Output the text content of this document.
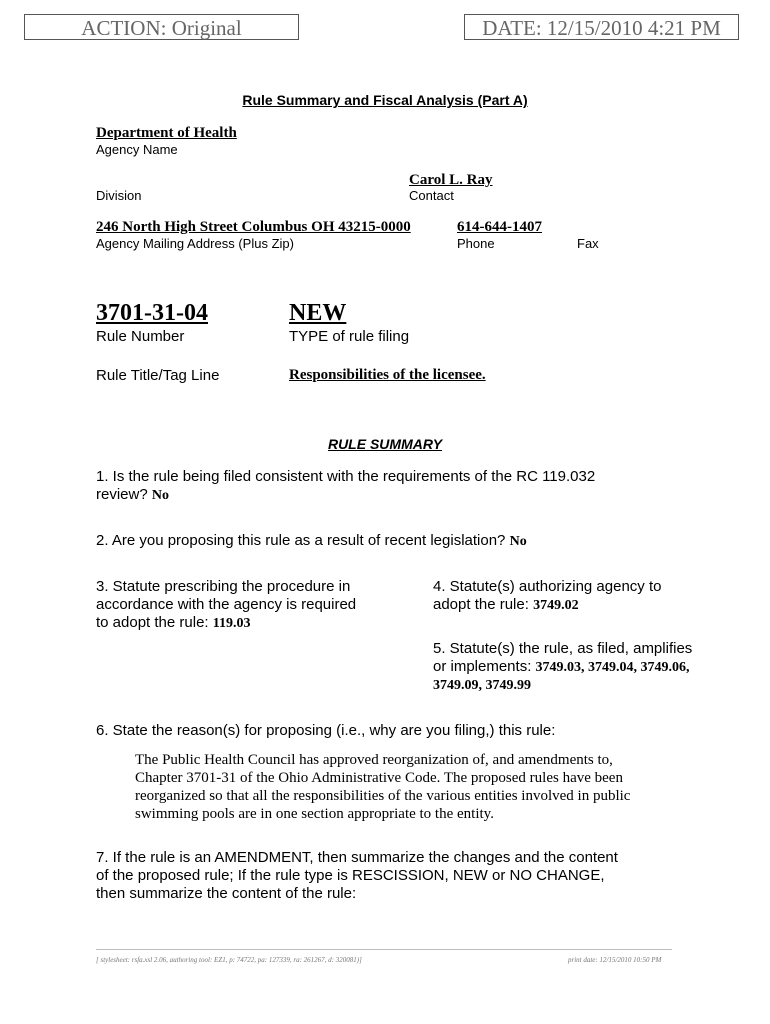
ACTION: Original	DATE: 12/15/2010 4:21 PM
Rule Summary and Fiscal Analysis (Part A)
Department of Health
Agency Name
Carol L. Ray
Division	Contact
246 North High Street Columbus OH 43215-0000	614-644-1407
Agency Mailing Address (Plus Zip)	Phone	Fax
3701-31-04	NEW
Rule Number	TYPE of rule filing
Rule Title/Tag Line	Responsibilities of the licensee.
RULE SUMMARY
1. Is the rule being filed consistent with the requirements of the RC 119.032
review? No
2. Are you proposing this rule as a result of recent legislation? No
3. Statute prescribing the procedure in
accordance with the agency is required
to adopt the rule: 119.03
4. Statute(s) authorizing agency to
adopt the rule: 3749.02
5. Statute(s) the rule, as filed, amplifies
or implements: 3749.03, 3749.04, 3749.06,
3749.09, 3749.99
6. State the reason(s) for proposing (i.e., why are you filing,) this rule:
The Public Health Council has approved reorganization of, and amendments to,
Chapter 3701-31 of the Ohio Administrative Code. The proposed rules have been
reorganized so that all the responsibilities of the various entities involved in public
swimming pools are in one section appropriate to the entity.
7. If the rule is an AMENDMENT, then summarize the changes and the content
of the proposed rule; If the rule type is RESCISSION, NEW or NO CHANGE,
then summarize the content of the rule:
[ stylesheet: rsfa.xsl 2.06, authoring tool: EZ1, p: 74722, pa: 127339, ra: 261267, d: 320081)]	print date: 12/15/2010 10:50 PM
